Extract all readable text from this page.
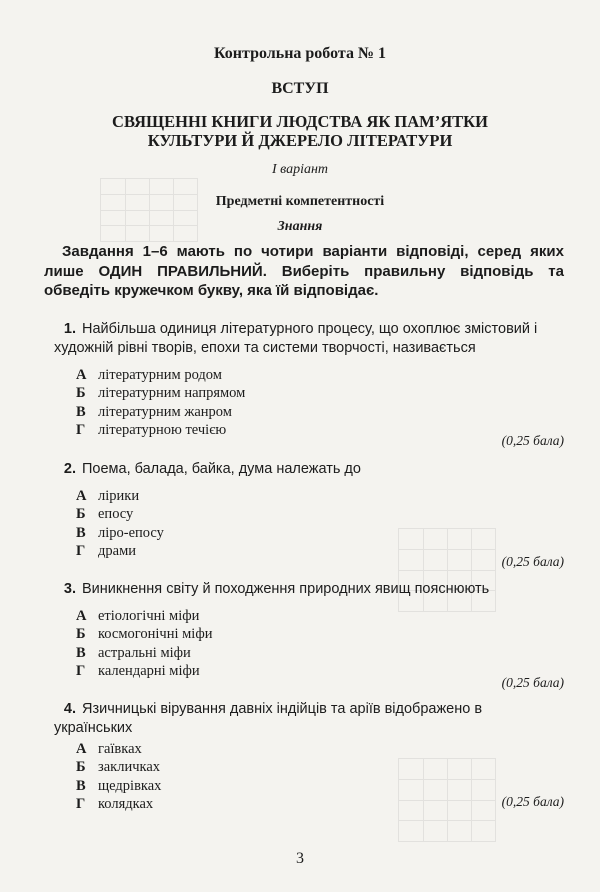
Контрольна робота № 1
ВСТУП
СВЯЩЕННІ КНИГИ ЛЮДСТВА ЯК ПАМ’ЯТКИ
КУЛЬТУРИ Й ДЖЕРЕЛО ЛІТЕРАТУРИ
I варіант
Предметні компетентності
Знання
Завдання 1–6 мають по чотири варіанти відповіді, серед яких лише ОДИН ПРАВИЛЬНИЙ. Виберіть правильну відповідь та обведіть кружечком букву, яка їй відповідає.
1. Найбільша одиниця літературного процесу, що охоплює змістовий і художній рівні творів, епохи та системи творчості, називається
А літературним родом
Б літературним напрямом
В літературним жанром
Г літературною течією
(0,25 бала)
2. Поема, балада, байка, дума належать до
А лірики
Б епосу
В ліро-епосу
Г драми
(0,25 бала)
3. Виникнення світу й походження природних явищ пояснюють
А етіологічні міфи
Б космогонічні міфи
В астральні міфи
Г календарні міфи
(0,25 бала)
4. Язичницькі вірування давніх індійців та аріїв відображено в українських
А гаївках
Б закличках
В щедрівках
Г колядках	(0,25 бала)
3
